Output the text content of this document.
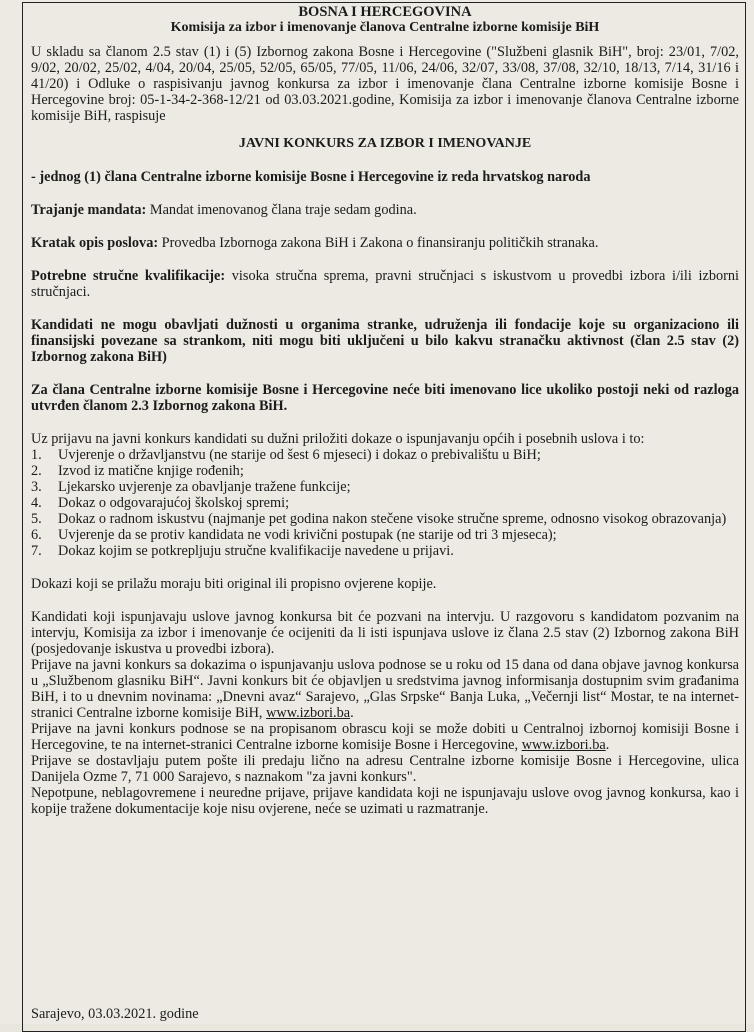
BOSNA I HERCEGOVINA
Komisija za izbor i imenovanje članova Centralne izborne komisije BiH

U skladu sa članom 2.5 stav (1) i (5) Izbornog zakona Bosne i Hercegovine ("Službeni glasnik BiH", broj: 23/01, 7/02, 9/02, 20/02, 25/02, 4/04, 20/04, 25/05, 52/05, 65/05, 77/05, 11/06, 24/06, 32/07, 33/08, 37/08, 32/10, 18/13, 7/14, 31/16 i 41/20) i Odluke o raspisivanju javnog konkursa za izbor i imenovanje člana Centralne izborne komisije Bosne i Hercegovine broj: 05-1-34-2-368-12/21 od 03.03.2021.godine, Komisija za izbor i imenovanje članova Centralne izborne komisije BiH, raspisuje

JAVNI KONKURS ZA IZBOR I IMENOVANJE

- jednog (1) člana Centralne izborne komisije Bosne i Hercegovine iz reda hrvatskog naroda

Trajanje mandata: Mandat imenovanog člana traje sedam godina.

Kratak opis poslova: Provedba Izbornoga zakona BiH i Zakona o finansiranju političkih stranaka.

Potrebne stručne kvalifikacije: visoka stručna sprema, pravni stručnjaci s iskustvom u provedbi izbora i/ili izborni stručnjaci.

Kandidati ne mogu obavljati dužnosti u organima stranke, udruženja ili fondacije koje su organizaciono ili finansijski povezane sa strankom, niti mogu biti uključeni u bilo kakvu stranačku aktivnost (član 2.5 stav (2) Izbornog zakona BiH)

Za člana Centralne izborne komisije Bosne i Hercegovine neće biti imenovano lice ukoliko postoji neki od razloga utvrđen članom 2.3 Izbornog zakona BiH.

Uz prijavu na javni konkurs kandidati su dužni priložiti dokaze o ispunjavanju općih i posebnih uslova i to:

1. Uvjerenje o državljanstvu (ne starije od šest 6 mjeseci) i dokaz o prebivalištu u BiH;
2. Izvod iz matične knjige rođenih;
3. Ljekarsko uvjerenje za obavljanje tražene funkcije;
4. Dokaz o odgovarajućoj školskoj spremi;
5. Dokaz o radnom iskustvu (najmanje pet godina nakon stečene visoke stručne spreme, odnosno visokog obrazovanja)
6. Uvjerenje da se protiv kandidata ne vodi krivični postupak (ne starije od tri 3 mjeseca);
7. Dokaz kojim se potkrepljuju stručne kvalifikacije navedene u prijavi.

Dokazi koji se prilažu moraju biti original ili propisno ovjerene kopije.

Kandidati koji ispunjavaju uslove javnog konkursa bit će pozvani na intervju. U razgovoru s kandidatom pozvanim na intervju, Komisija za izbor i imenovanje će ocijeniti da li isti ispunjava uslove iz člana 2.5 stav (2) Izbornog zakona BiH (posjedovanje iskustva u provedbi izbora).

Prijave na javni konkurs sa dokazima o ispunjavanju uslova podnose se u roku od 15 dana od dana objave javnog konkursa u „Službenom glasniku BiH“. Javni konkurs bit će objavljen u sredstvima javnog informisanja dostupnim svim građanima BiH, i to u dnevnim novinama: „Dnevni avaz“ Sarajevo, „Glas Srpske“ Banja Luka, „Večernji list“ Mostar, te na internet-stranici Centralne izborne komisije BiH, www.izbori.ba.

Prijave na javni konkurs podnose se na propisanom obrascu koji se može dobiti u Centralnoj izbornoj komisiji Bosne i Hercegovine, te na internet-stranici Centralne izborne komisije Bosne i Hercegovine, www.izbori.ba.

Prijave se dostavljaju putem pošte ili predaju lično na adresu Centralne izborne komisije Bosne i Hercegovine, ulica Danijela Ozme 7, 71 000 Sarajevo, s naznakom "za javni konkurs".

Nepotpune, neblagovremene i neuredne prijave, prijave kandidata koji ne ispunjavaju uslove ovog javnog konkursa, kao i kopije tražene dokumentacije koje nisu ovjerene, neće se uzimati u razmatranje.

Sarajevo, 03.03.2021. godine
